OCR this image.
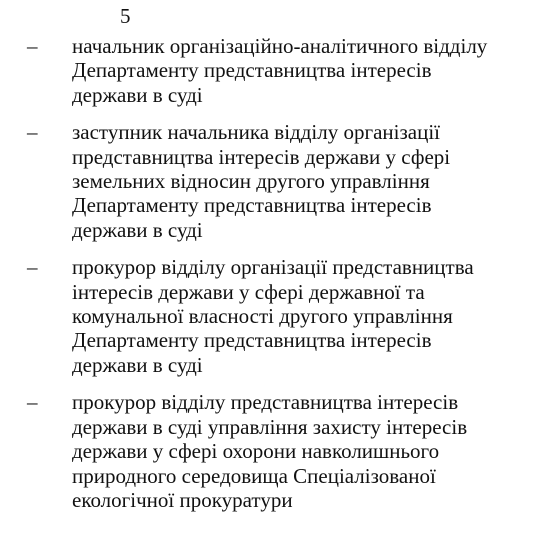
5

– начальник організаційно-аналітичного відділу
Департаменту представництва інтересів
держави в суді
– заступник начальника відділу організації
представництва інтересів держави у сфері
земельних відносин другого управління
Департаменту представництва інтересів
держави в суді
– прокурор відділу організації представництва
інтересів держави у сфері державної та
комунальної власності другого управління
Департаменту представництва інтересів
держави в суді
– прокурор відділу представництва інтересів
держави в суді управління захисту інтересів
держави у сфері охорони навколишнього
природного середовища Спеціалізованої
екологічної прокуратури
